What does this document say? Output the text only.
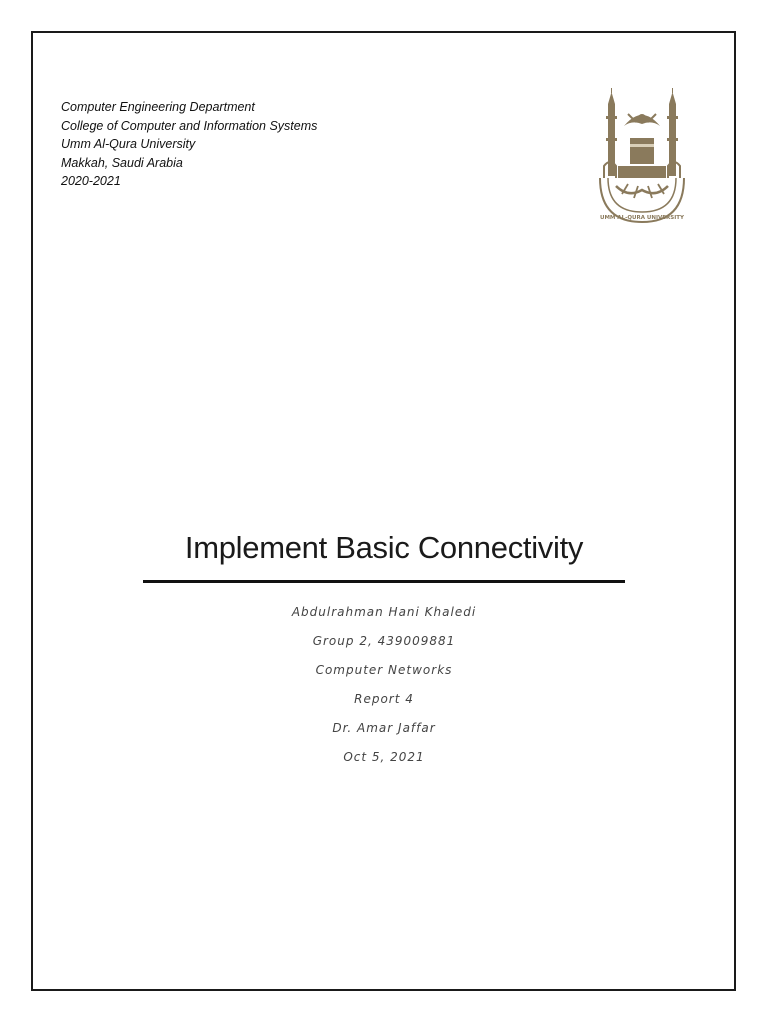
Computer Engineering Department
College of Computer and Information Systems
Umm Al-Qura University
Makkah, Saudi Arabia
2020-2021
UMM AL-QURA UNIVERSITY
Implement Basic Connectivity
Abdulrahman Hani Khaledi
Group 2, 439009881
Computer Networks
Report 4
Dr. Amar Jaffar
Oct 5, 2021
